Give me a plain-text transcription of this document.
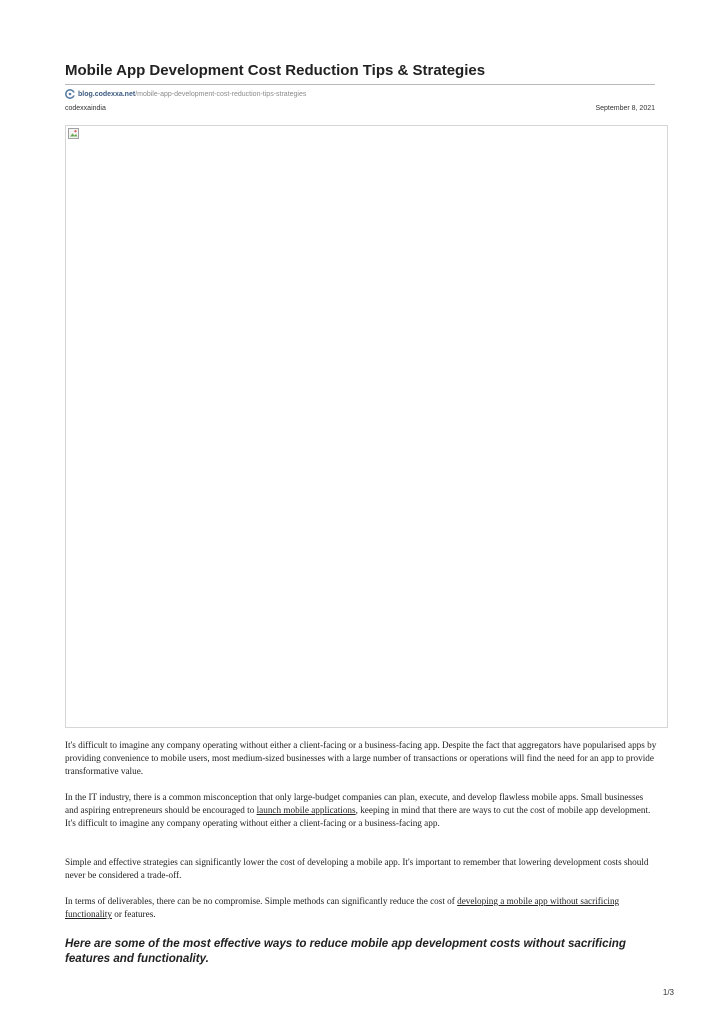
Mobile App Development Cost Reduction Tips & Strategies
blog.codexxa.net /mobile-app-development-cost-reduction-tips-strategies
codexxaindia	September 8, 2021

It's difficult to imagine any company operating without either a client-facing or a business-facing app. Despite the fact that aggregators have popularised apps by providing convenience to mobile users, most medium-sized businesses with a large number of transactions or operations will find the need for an app to provide transformative value.

In the IT industry, there is a common misconception that only large-budget companies can plan, execute, and develop flawless mobile apps. Small businesses and aspiring entrepreneurs should be encouraged to launch mobile applications, keeping in mind that there are ways to cut the cost of mobile app development. It's difficult to imagine any company operating without either a client-facing or a business-facing app.

Simple and effective strategies can significantly lower the cost of developing a mobile app. It's important to remember that lowering development costs should never be considered a trade-off.

In terms of deliverables, there can be no compromise. Simple methods can significantly reduce the cost of developing a mobile app without sacrificing functionality or features.

Here are some of the most effective ways to reduce mobile app development costs without sacrificing features and functionality.
1/3
